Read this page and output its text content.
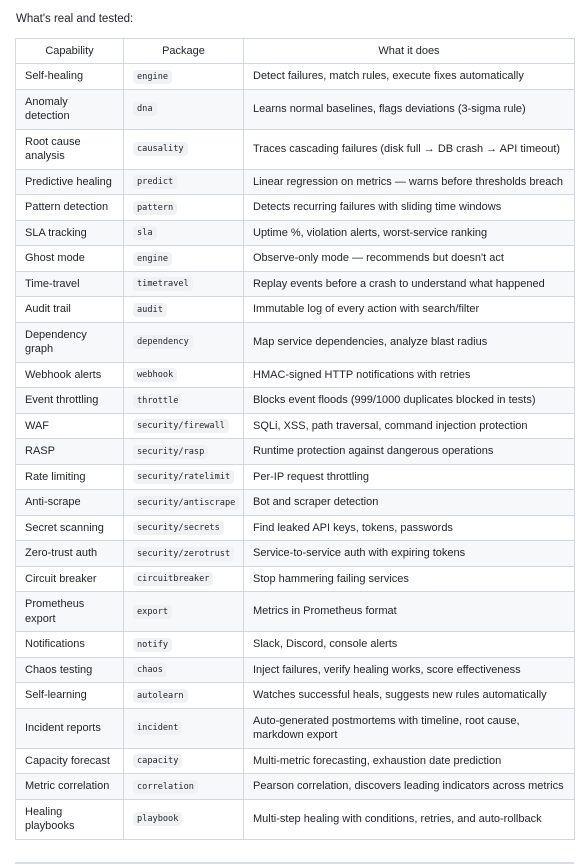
What's real and tested:

Capability	Package	What it does
Self-healing	engine	Detect failures, match rules, execute fixes automatically
Anomaly detection	dna	Learns normal baselines, flags deviations (3-sigma rule)
Root cause analysis	causality	Traces cascading failures (disk full → DB crash → API timeout)
Predictive healing	predict	Linear regression on metrics — warns before thresholds breach
Pattern detection	pattern	Detects recurring failures with sliding time windows
SLA tracking	sla	Uptime %, violation alerts, worst-service ranking
Ghost mode	engine	Observe-only mode — recommends but doesn't act
Time-travel	timetravel	Replay events before a crash to understand what happened
Audit trail	audit	Immutable log of every action with search/filter
Dependency graph	dependency	Map service dependencies, analyze blast radius
Webhook alerts	webhook	HMAC-signed HTTP notifications with retries
Event throttling	throttle	Blocks event floods (999/1000 duplicates blocked in tests)
WAF	security/firewall	SQLi, XSS, path traversal, command injection protection
RASP	security/rasp	Runtime protection against dangerous operations
Rate limiting	security/ratelimit	Per-IP request throttling
Anti-scrape	security/antiscrape	Bot and scraper detection
Secret scanning	security/secrets	Find leaked API keys, tokens, passwords
Zero-trust auth	security/zerotrust	Service-to-service auth with expiring tokens
Circuit breaker	circuitbreaker	Stop hammering failing services
Prometheus export	export	Metrics in Prometheus format
Notifications	notify	Slack, Discord, console alerts
Chaos testing	chaos	Inject failures, verify healing works, score effectiveness
Self-learning	autolearn	Watches successful heals, suggests new rules automatically
Incident reports	incident	Auto-generated postmortems with timeline, root cause, markdown export
Capacity forecast	capacity	Multi-metric forecasting, exhaustion date prediction
Metric correlation	correlation	Pearson correlation, discovers leading indicators across metrics
Healing playbooks	playbook	Multi-step healing with conditions, retries, and auto-rollback
